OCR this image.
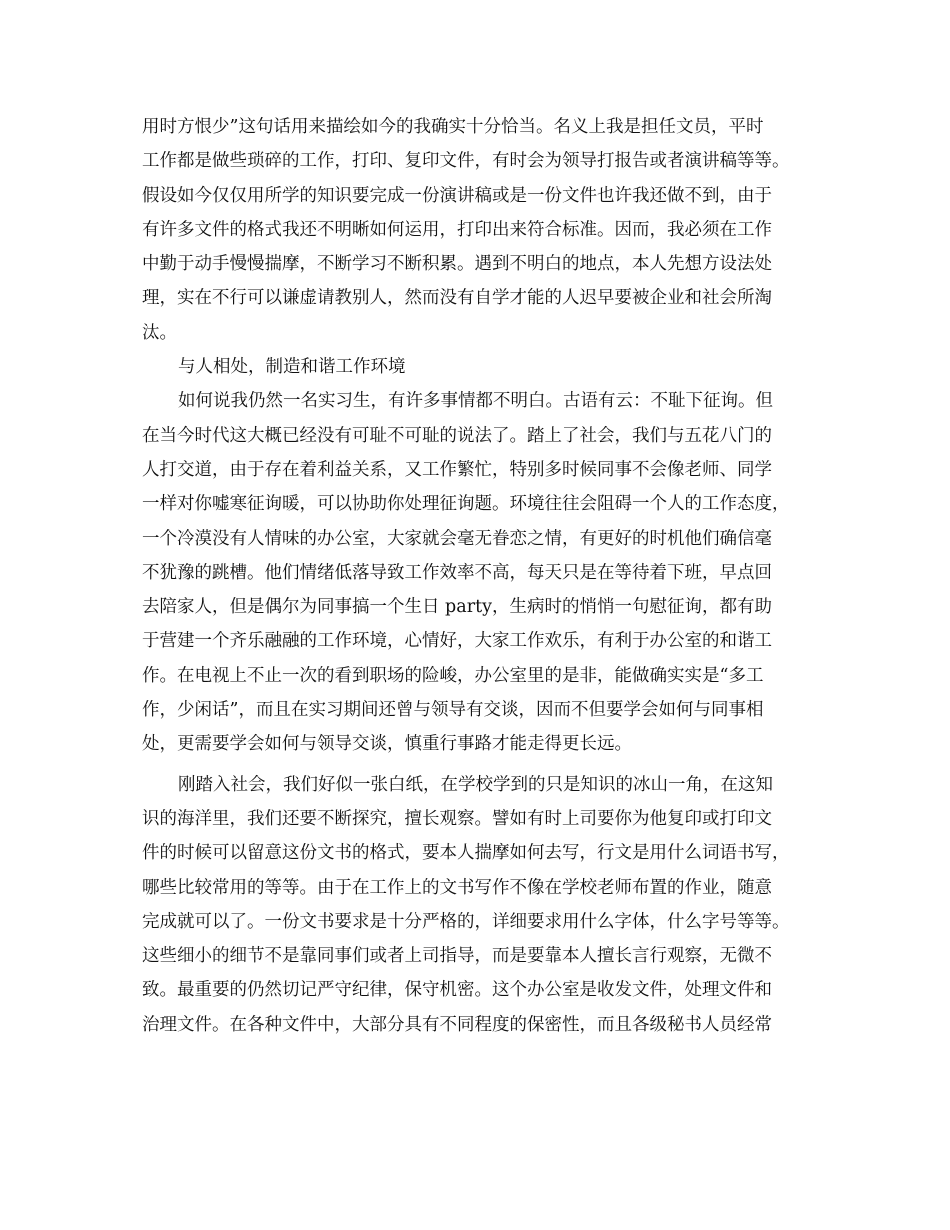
用时方恨少”这句话用来描绘如今的我确实十分恰当。名义上我是担任文员，平时
工作都是做些琐碎的工作，打印、复印文件，有时会为领导打报告或者演讲稿等等。
假设如今仅仅用所学的知识要完成一份演讲稿或是一份文件也许我还做不到，由于
有许多文件的格式我还不明晰如何运用，打印出来符合标准。因而，我必须在工作
中勤于动手慢慢揣摩，不断学习不断积累。遇到不明白的地点，本人先想方设法处
理，实在不行可以谦虚请教别人，然而没有自学才能的人迟早要被企业和社会所淘
汰。
与人相处，制造和谐工作环境
如何说我仍然一名实习生，有许多事情都不明白。古语有云：不耻下征询。但
在当今时代这大概已经没有可耻不可耻的说法了。踏上了社会，我们与五花八门的
人打交道，由于存在着利益关系，又工作繁忙，特别多时候同事不会像老师、同学
一样对你嘘寒征询暖，可以协助你处理征询题。环境往往会阻碍一个人的工作态度，
一个冷漠没有人情味的办公室，大家就会毫无眷恋之情，有更好的时机他们确信毫
不犹豫的跳槽。他们情绪低落导致工作效率不高，每天只是在等待着下班，早点回
去陪家人，但是偶尔为同事搞一个生日 party，生病时的悄悄一句慰征询，都有助
于营建一个齐乐融融的工作环境，心情好，大家工作欢乐，有利于办公室的和谐工
作。在电视上不止一次的看到职场的险峻，办公室里的是非，能做确实实是“多工
作，少闲话”，而且在实习期间还曾与领导有交谈，因而不但要学会如何与同事相
处，更需要学会如何与领导交谈，慎重行事路才能走得更长远。
刚踏入社会，我们好似一张白纸，在学校学到的只是知识的冰山一角，在这知
识的海洋里，我们还要不断探究，擅长观察。譬如有时上司要你为他复印或打印文
件的时候可以留意这份文书的格式，要本人揣摩如何去写，行文是用什么词语书写，
哪些比较常用的等等。由于在工作上的文书写作不像在学校老师布置的作业，随意
完成就可以了。一份文书要求是十分严格的，详细要求用什么字体，什么字号等等。
这些细小的细节不是靠同事们或者上司指导，而是要靠本人擅长言行观察，无微不
致。最重要的仍然切记严守纪律，保守机密。这个办公室是收发文件，处理文件和
治理文件。在各种文件中，大部分具有不同程度的保密性，而且各级秘书人员经常
